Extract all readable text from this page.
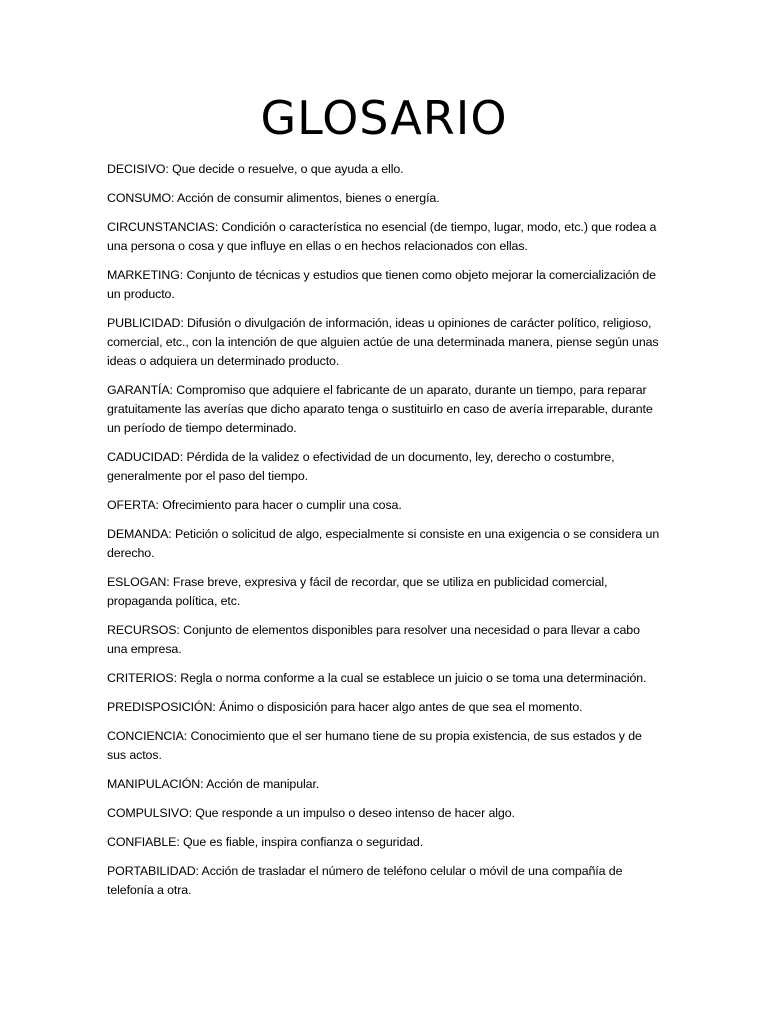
GLOSARIO
DECISIVO: Que decide o resuelve, o que ayuda a ello.
CONSUMO: Acción de consumir alimentos, bienes o energía.
CIRCUNSTANCIAS: Condición o característica no esencial (de tiempo, lugar, modo, etc.) que rodea a una persona o cosa y que influye en ellas o en hechos relacionados con ellas.
MARKETING: Conjunto de técnicas y estudios que tienen como objeto mejorar la comercialización de un producto.
PUBLICIDAD: Difusión o divulgación de información, ideas u opiniones de carácter político, religioso, comercial, etc., con la intención de que alguien actúe de una determinada manera, piense según unas ideas o adquiera un determinado producto.
GARANTÍA: Compromiso que adquiere el fabricante de un aparato, durante un tiempo, para reparar gratuitamente las averías que dicho aparato tenga o sustituirlo en caso de avería irreparable, durante un período de tiempo determinado.
CADUCIDAD: Pérdida de la validez o efectividad de un documento, ley, derecho o costumbre, generalmente por el paso del tiempo.
OFERTA: Ofrecimiento para hacer o cumplir una cosa.
DEMANDA: Petición o solicitud de algo, especialmente si consiste en una exigencia o se considera un derecho.
ESLOGAN: Frase breve, expresiva y fácil de recordar, que se utiliza en publicidad comercial, propaganda política, etc.
RECURSOS: Conjunto de elementos disponibles para resolver una necesidad o para llevar a cabo una empresa.
CRITERIOS: Regla o norma conforme a la cual se establece un juicio o se toma una determinación.
PREDISPOSICIÓN: Ánimo o disposición para hacer algo antes de que sea el momento.
CONCIENCIA: Conocimiento que el ser humano tiene de su propia existencia, de sus estados y de sus actos.
MANIPULACIÓN: Acción de manipular.
COMPULSIVO: Que responde a un impulso o deseo intenso de hacer algo.
CONFIABLE: Que es fiable, inspira confianza o seguridad.
PORTABILIDAD: Acción de trasladar el número de teléfono celular o móvil de una compañía de telefonía a otra.
